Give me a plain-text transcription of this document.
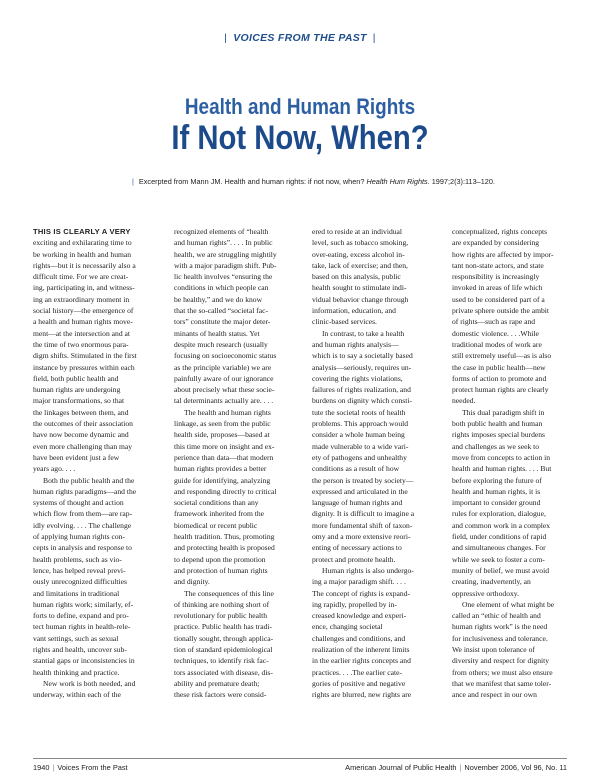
| VOICES FROM THE PAST |
Health and Human Rights
If Not Now, When?
| Excerpted from Mann JM. Health and human rights: if not now, when? Health Hum Rights. 1997;2(3):113–120.
THIS IS CLEARLY A VERY
exciting and exhilarating time to
be working in health and human
rights—but it is necessarily also a
difficult time. For we are creat-
ing, participating in, and witness-
ing an extraordinary moment in
social history—the emergence of
a health and human rights move-
ment—at the intersection and at
the time of two enormous para-
digm shifts. Stimulated in the first
instance by pressures within each
field, both public health and
human rights are undergoing
major transformations, so that
the linkages between them, and
the outcomes of their association
have now become dynamic and
even more challenging than may
have been evident just a few
years ago. . . .
Both the public health and the
human rights paradigms—and the
systems of thought and action
which flow from them—are rap-
idly evolving. . . . The challenge
of applying human rights con-
cepts in analysis and response to
health problems, such as vio-
lence, has helped reveal previ-
ously unrecognized difficulties
and limitations in traditional
human rights work; similarly, ef-
forts to define, expand and pro-
tect human rights in health-rele-
vant settings, such as sexual
rights and health, uncover sub-
stantial gaps or inconsistencies in
health thinking and practice.
New work is both needed, and
underway, within each of the
recognized elements of “health
and human rights”. . . . In public
health, we are struggling mightily
with a major paradigm shift. Pub-
lic health involves “ensuring the
conditions in which people can
be healthy,” and we do know
that the so-called “societal fac-
tors” constitute the major deter-
minants of health status. Yet
despite much research (usually
focusing on socioeconomic status
as the principle variable) we are
painfully aware of our ignorance
about precisely what these socie-
tal determinants actually are. . . .
The health and human rights
linkage, as seen from the public
health side, proposes—based at
this time more on insight and ex-
perience than data—that modern
human rights provides a better
guide for identifying, analyzing
and responding directly to critical
societal conditions than any
framework inherited from the
biomedical or recent public
health tradition. Thus, promoting
and protecting health is proposed
to depend upon the promotion
and protection of human rights
and dignity.
The consequences of this line
of thinking are nothing short of
revolutionary for public health
practice. Public health has tradi-
tionally sought, through applica-
tion of standard epidemiological
techniques, to identify risk fac-
tors associated with disease, dis-
ability and premature death;
these risk factors were consid-
ered to reside at an individual
level, such as tobacco smoking,
over-eating, excess alcohol in-
take, lack of exercise; and then,
based on this analysis, public
health sought to stimulate indi-
vidual behavior change through
information, education, and
clinic-based services.
In contrast, to take a health
and human rights analysis—
which is to say a societally based
analysis—seriously, requires un-
covering the rights violations,
failures of rights realization, and
burdens on dignity which consti-
tute the societal roots of health
problems. This approach would
consider a whole human being
made vulnerable to a wide vari-
ety of pathogens and unhealthy
conditions as a result of how
the person is treated by society—
expressed and articulated in the
language of human rights and
dignity. It is difficult to imagine a
more fundamental shift of taxon-
omy and a more extensive reori-
enting of necessary actions to
protect and promote health.
Human rights is also undergo-
ing a major paradigm shift. . . .
The concept of rights is expand-
ing rapidly, propelled by in-
creased knowledge and experi-
ence, changing societal
challenges and conditions, and
realization of the inherent limits
in the earlier rights concepts and
practices. . . .The earlier cate-
gories of positive and negative
rights are blurred, new rights are
conceptualized, rights concepts
are expanded by considering
how rights are affected by impor-
tant non-state actors, and state
responsibility is increasingly
invoked in areas of life which
used to be considered part of a
private sphere outside the ambit
of rights—such as rape and
domestic violence. . . .While
traditional modes of work are
still extremely useful—as is also
the case in public health—new
forms of action to promote and
protect human rights are clearly
needed.
This dual paradigm shift in
both public health and human
rights imposes special burdens
and challenges as we seek to
move from concepts to action in
health and human rights. . . . But
before exploring the future of
health and human rights, it is
important to consider ground
rules for exploration, dialogue,
and common work in a complex
field, under conditions of rapid
and simultaneous changes. For
while we seek to foster a com-
munity of belief, we must avoid
creating, inadvertently, an
oppressive orthodoxy.
One element of what might be
called an “ethic of health and
human rights work” is the need
for inclusiveness and tolerance.
We insist upon tolerance of
diversity and respect for dignity
from others; we must also ensure
that we manifest that same toler-
ance and respect in our own
1940 | Voices From the Past	American Journal of Public Health | November 2006, Vol 96, No. 11
